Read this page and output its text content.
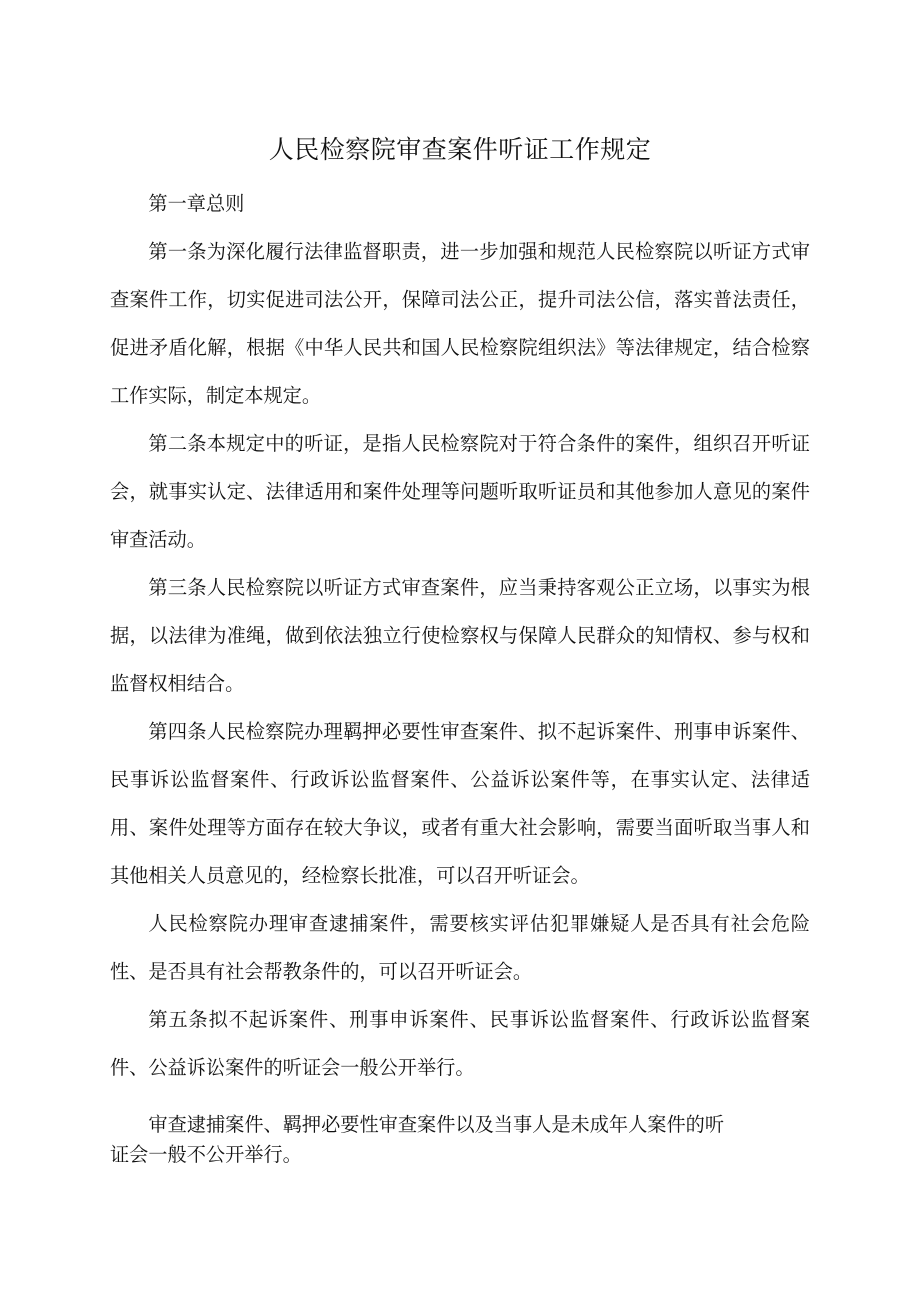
人民检察院审查案件听证工作规定

第一章总则

第一条为深化履行法律监督职责，进一步加强和规范人民检察院以听证方式审查案件工作，切实促进司法公开，保障司法公正，提升司法公信，落实普法责任，促进矛盾化解，根据《中华人民共和国人民检察院组织法》等法律规定，结合检察工作实际，制定本规定。

第二条本规定中的听证，是指人民检察院对于符合条件的案件，组织召开听证会，就事实认定、法律适用和案件处理等问题听取听证员和其他参加人意见的案件审查活动。

第三条人民检察院以听证方式审查案件，应当秉持客观公正立场，以事实为根据，以法律为准绳，做到依法独立行使检察权与保障人民群众的知情权、参与权和监督权相结合。

第四条人民检察院办理羁押必要性审查案件、拟不起诉案件、刑事申诉案件、民事诉讼监督案件、行政诉讼监督案件、公益诉讼案件等，在事实认定、法律适用、案件处理等方面存在较大争议，或者有重大社会影响，需要当面听取当事人和其他相关人员意见的，经检察长批准，可以召开听证会。

人民检察院办理审查逮捕案件，需要核实评估犯罪嫌疑人是否具有社会危险性、是否具有社会帮教条件的，可以召开听证会。

第五条拟不起诉案件、刑事申诉案件、民事诉讼监督案件、行政诉讼监督案件、公益诉讼案件的听证会一般公开举行。

审查逮捕案件、羁押必要性审查案件以及当事人是未成年人案件的听

证会一般不公开举行。
